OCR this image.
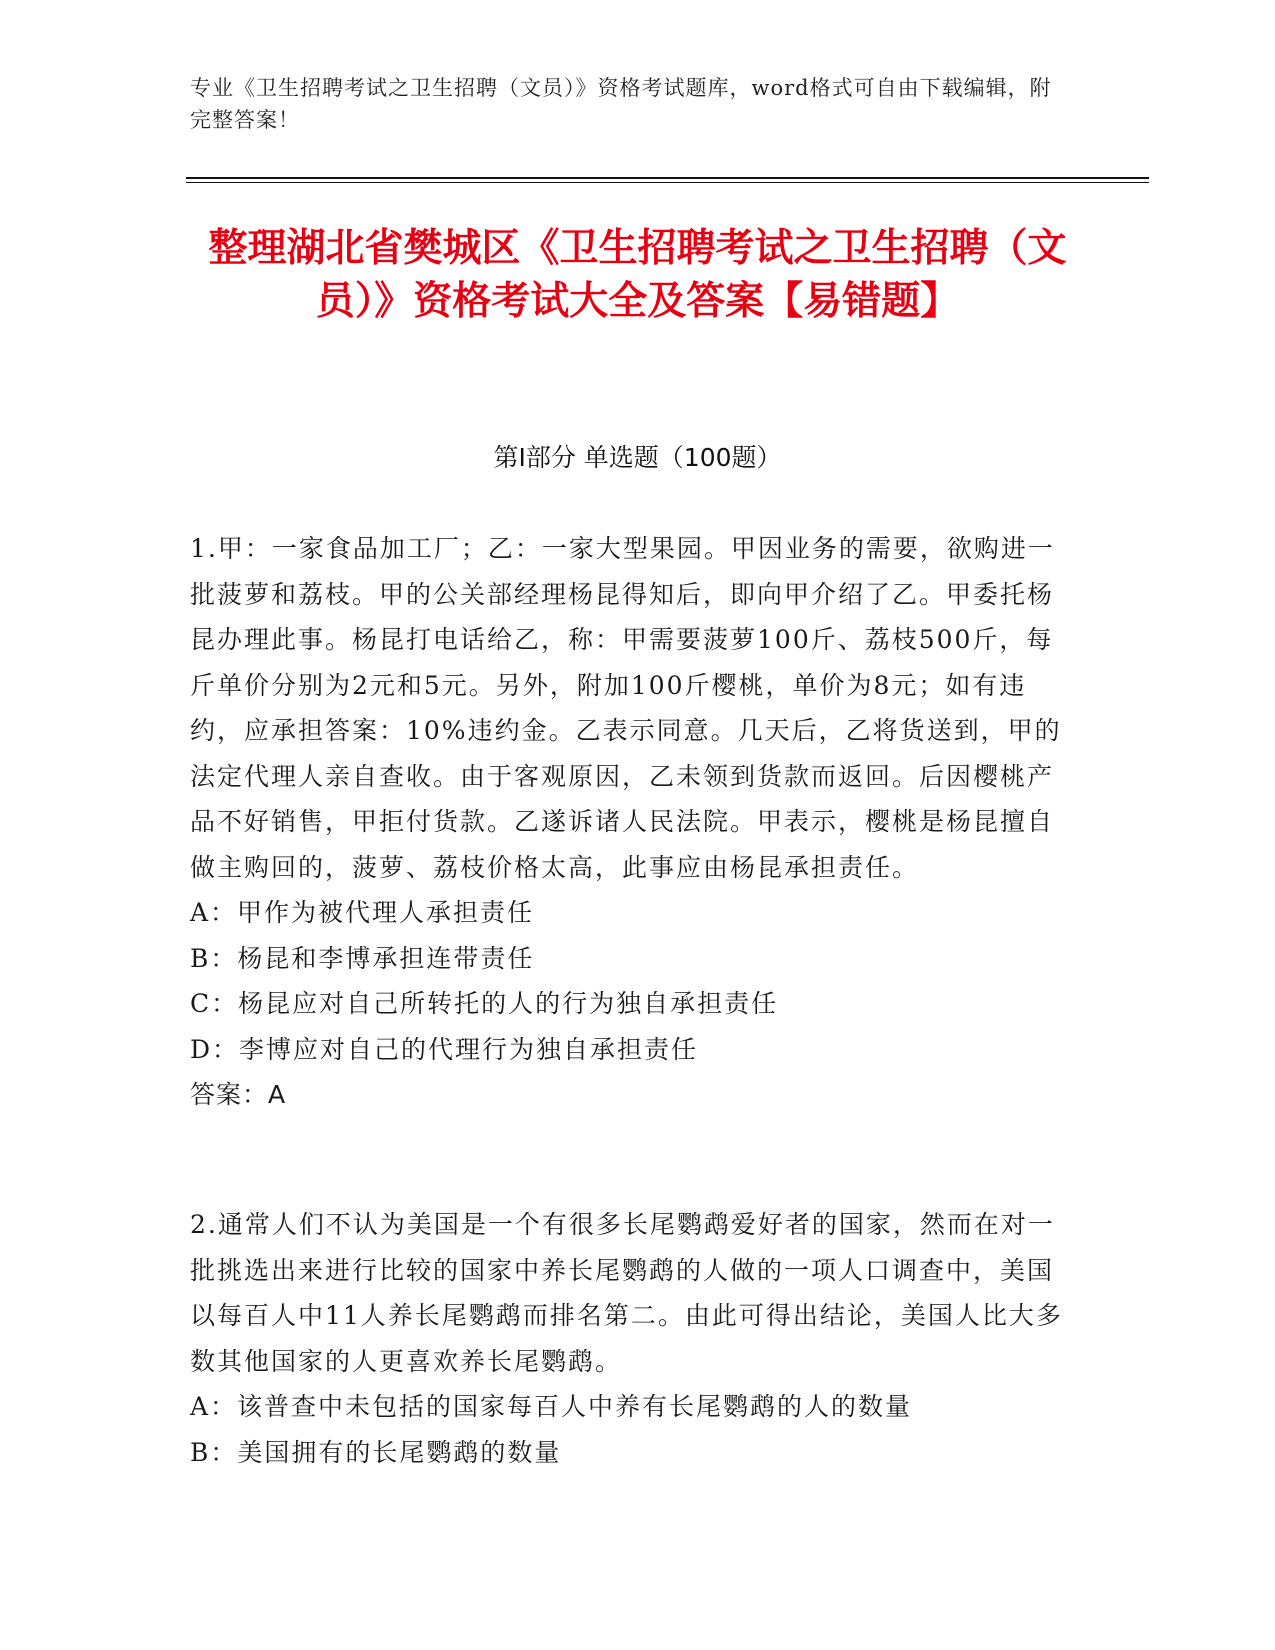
专业《卫生招聘考试之卫生招聘（文员）》资格考试题库，word格式可自由下载编辑，附完整答案！
整理湖北省樊城区《卫生招聘考试之卫生招聘（文员）》资格考试大全及答案【易错题】
第Ⅰ部分 单选题（100题）

1.甲：一家食品加工厂；乙：一家大型果园。甲因业务的需要，欲购进一批菠萝和荔枝。甲的公关部经理杨昆得知后，即向甲介绍了乙。甲委托杨昆办理此事。杨昆打电话给乙，称：甲需要菠萝100斤、荔枝500斤，每斤单价分别为2元和5元。另外，附加100斤樱桃，单价为8元；如有违约，应承担答案：10%违约金。乙表示同意。几天后，乙将货送到，甲的法定代理人亲自查收。由于客观原因，乙未领到货款而返回。后因樱桃产品不好销售，甲拒付货款。乙遂诉诸人民法院。甲表示，樱桃是杨昆擅自做主购回的，菠萝、荔枝价格太高，此事应由杨昆承担责任。

A：甲作为被代理人承担责任

B：杨昆和李博承担连带责任

C：杨昆应对自己所转托的人的行为独自承担责任

D：李博应对自己的代理行为独自承担责任

答案：A

2.通常人们不认为美国是一个有很多长尾鹦鹉爱好者的国家，然而在对一批挑选出来进行比较的国家中养长尾鹦鹉的人做的一项人口调查中，美国以每百人中11人养长尾鹦鹉而排名第二。由此可得出结论，美国人比大多数其他国家的人更喜欢养长尾鹦鹉。

A：该普查中未包括的国家每百人中养有长尾鹦鹉的人的数量

B：美国拥有的长尾鹦鹉的数量
